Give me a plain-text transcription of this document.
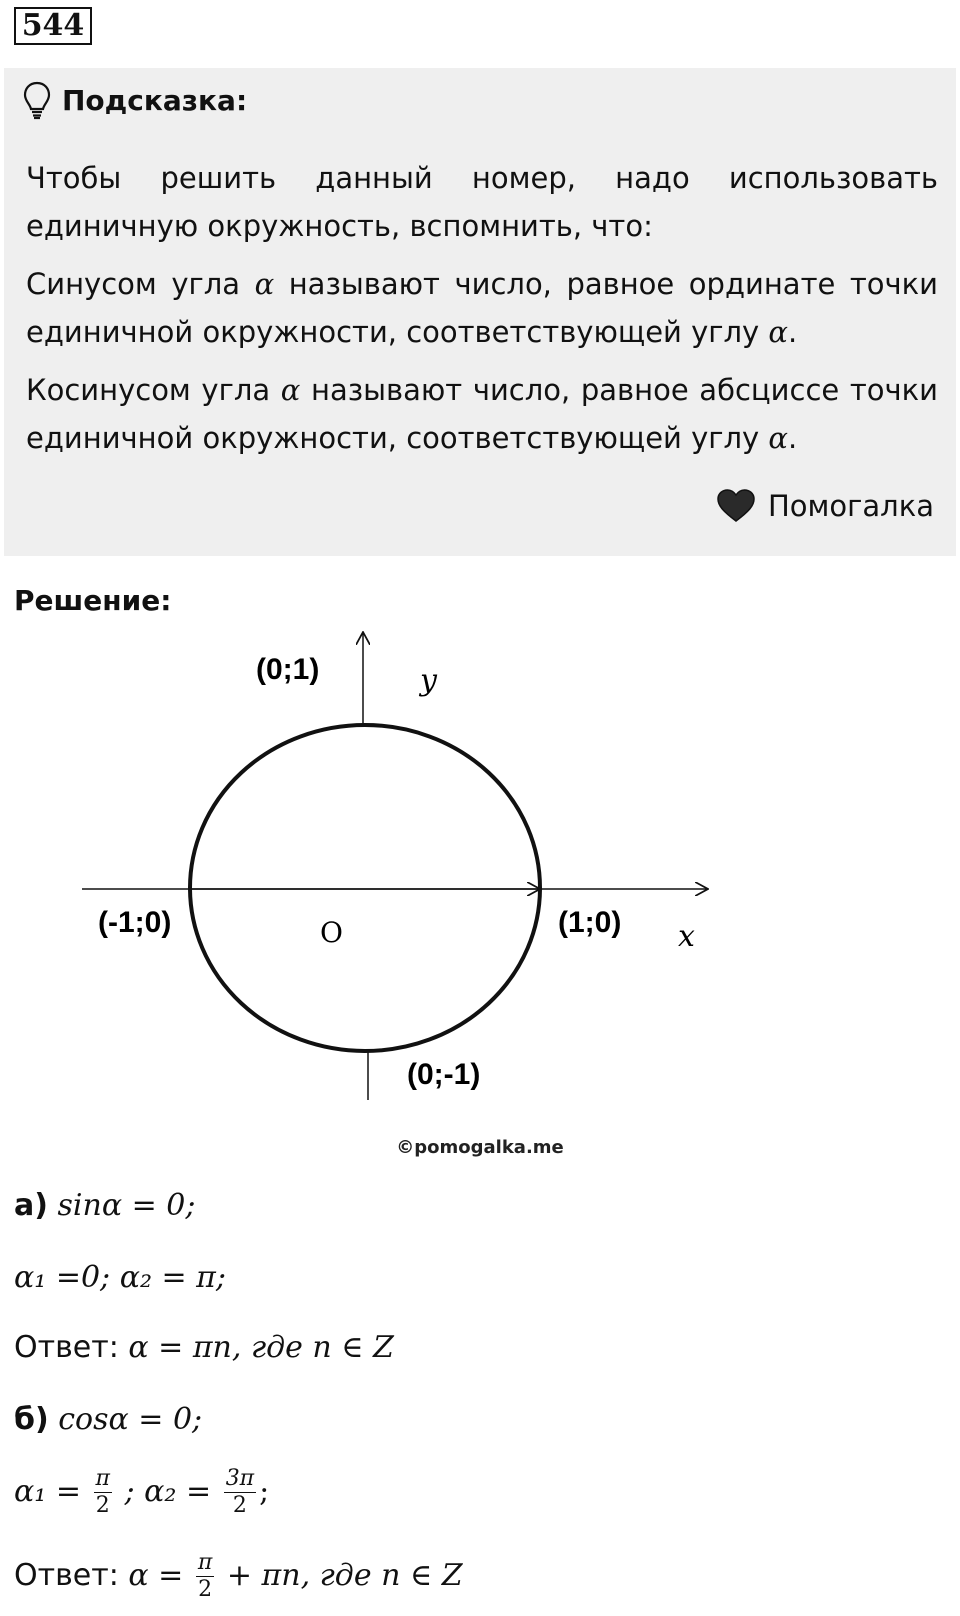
544
Подсказка:
Чтобы решить данный номер, надо использовать единичную окружность, вспомнить, что:
Синусом угла α называют число, равное ординате точки единичной окружности, соответствующей углу α.
Косинусом угла α называют число, равное абсциссе точки единичной окружности, соответствующей углу α.
Помогалка
Решение:
(0;1)	y
(-1;0)	O	(1;0) x
(0;-1)
©pomogalka.me
а) sinα = 0;
α₁ =0; α₂ = π;
Ответ: α = πn, где n ∈ Z
б) cosα = 0;
$\alpha_1 = \frac{\pi}{2}$ ; $\alpha_2 = \frac{3\pi}{2}$ ;
Ответ: $\alpha = \frac{\pi}{2} + \pi n$, где n ∈ Z
